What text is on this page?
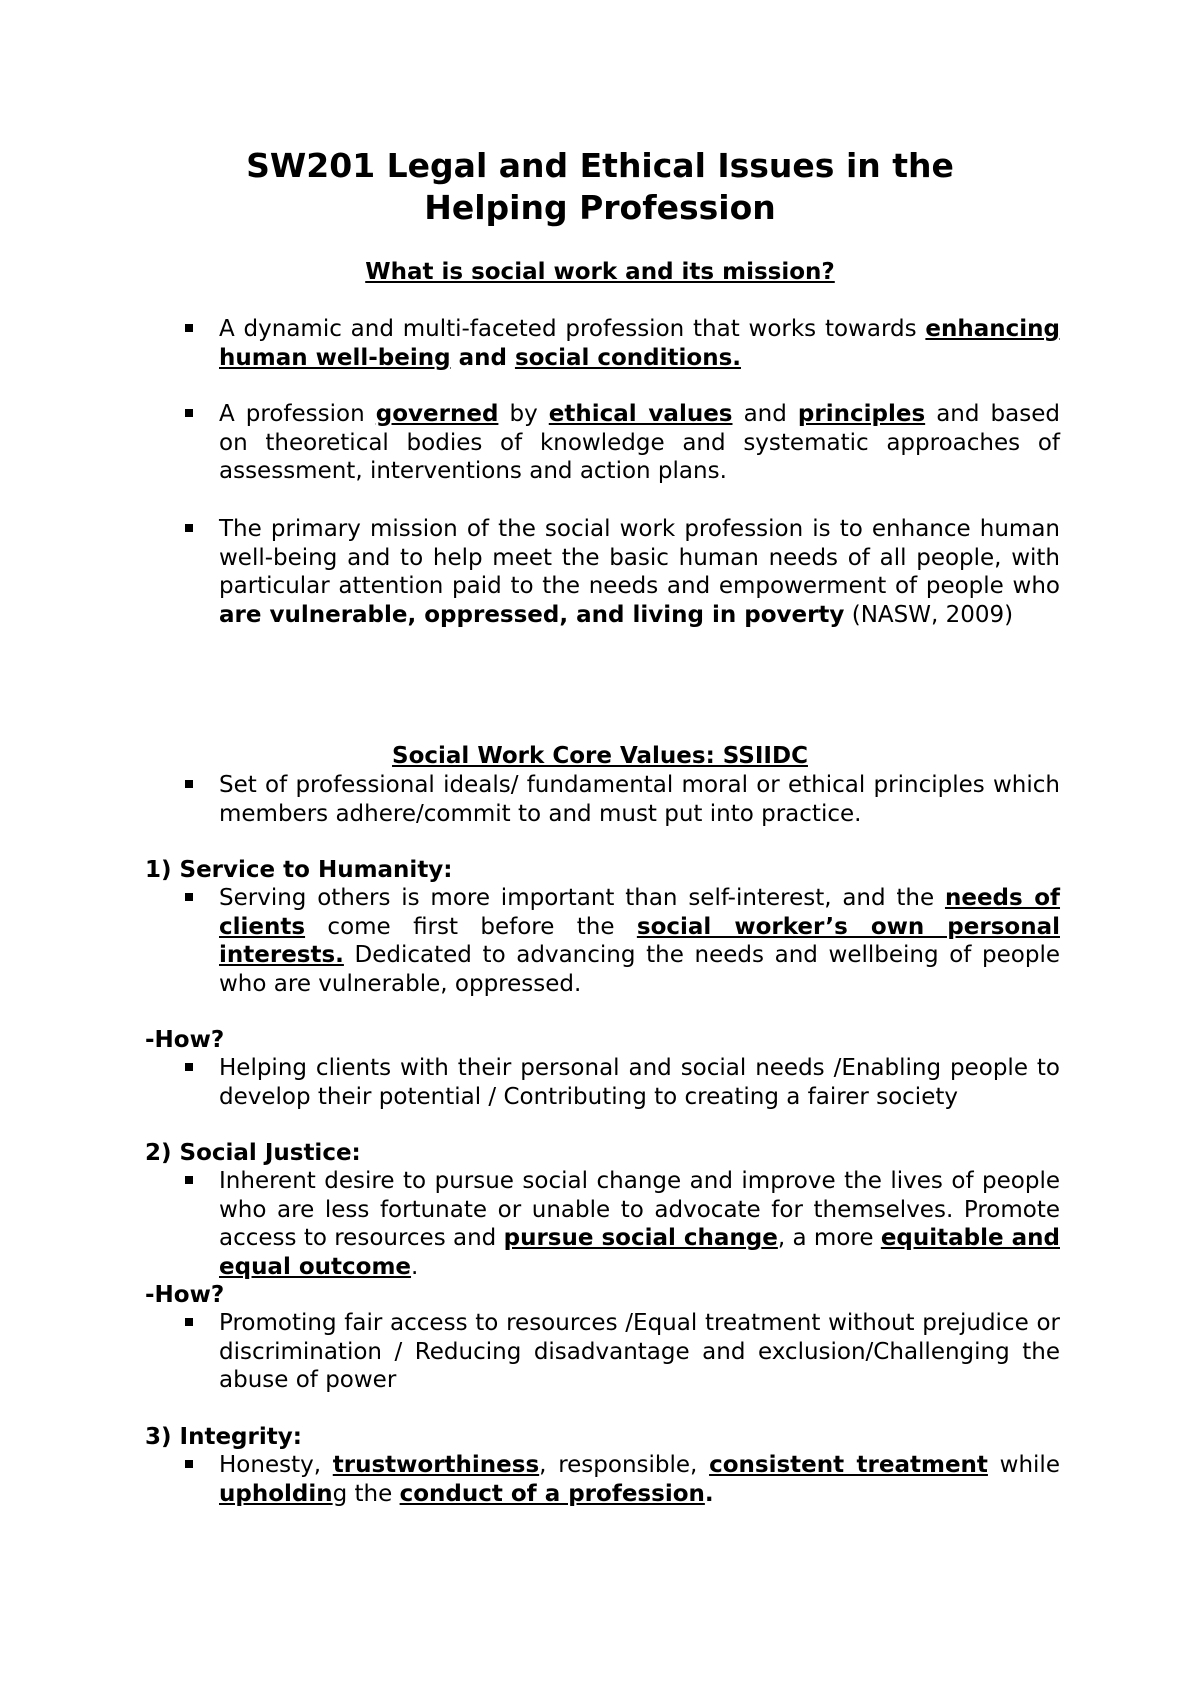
SW201 Legal and Ethical Issues in the
Helping Profession
What is social work and its mission?
A dynamic and multi-faceted profession that works towards enhancing human well-being and social conditions.
A profession governed by ethical values and principles and based on theoretical bodies of knowledge and systematic approaches of assessment, interventions and action plans.
The primary mission of the social work profession is to enhance human well-being and to help meet the basic human needs of all people, with particular attention paid to the needs and empowerment of people who are vulnerable, oppressed, and living in poverty (NASW, 2009)
Social Work Core Values: SSIIDC
Set of professional ideals/ fundamental moral or ethical principles which members adhere/commit to and must put into practice.
1) Service to Humanity:
Serving others is more important than self-interest, and the needs of clients come first before the social worker’s own personal interests. Dedicated to advancing the needs and wellbeing of people who are vulnerable, oppressed.
-How?
Helping clients with their personal and social needs /Enabling people to develop their potential / Contributing to creating a fairer society
2) Social Justice:
Inherent desire to pursue social change and improve the lives of people who are less fortunate or unable to advocate for themselves. Promote access to resources and pursue social change, a more equitable and equal outcome.
-How?
Promoting fair access to resources /Equal treatment without prejudice or discrimination / Reducing disadvantage and exclusion/Challenging the abuse of power
3) Integrity:
Honesty, trustworthiness, responsible, consistent treatment while upholding the conduct of a profession.
